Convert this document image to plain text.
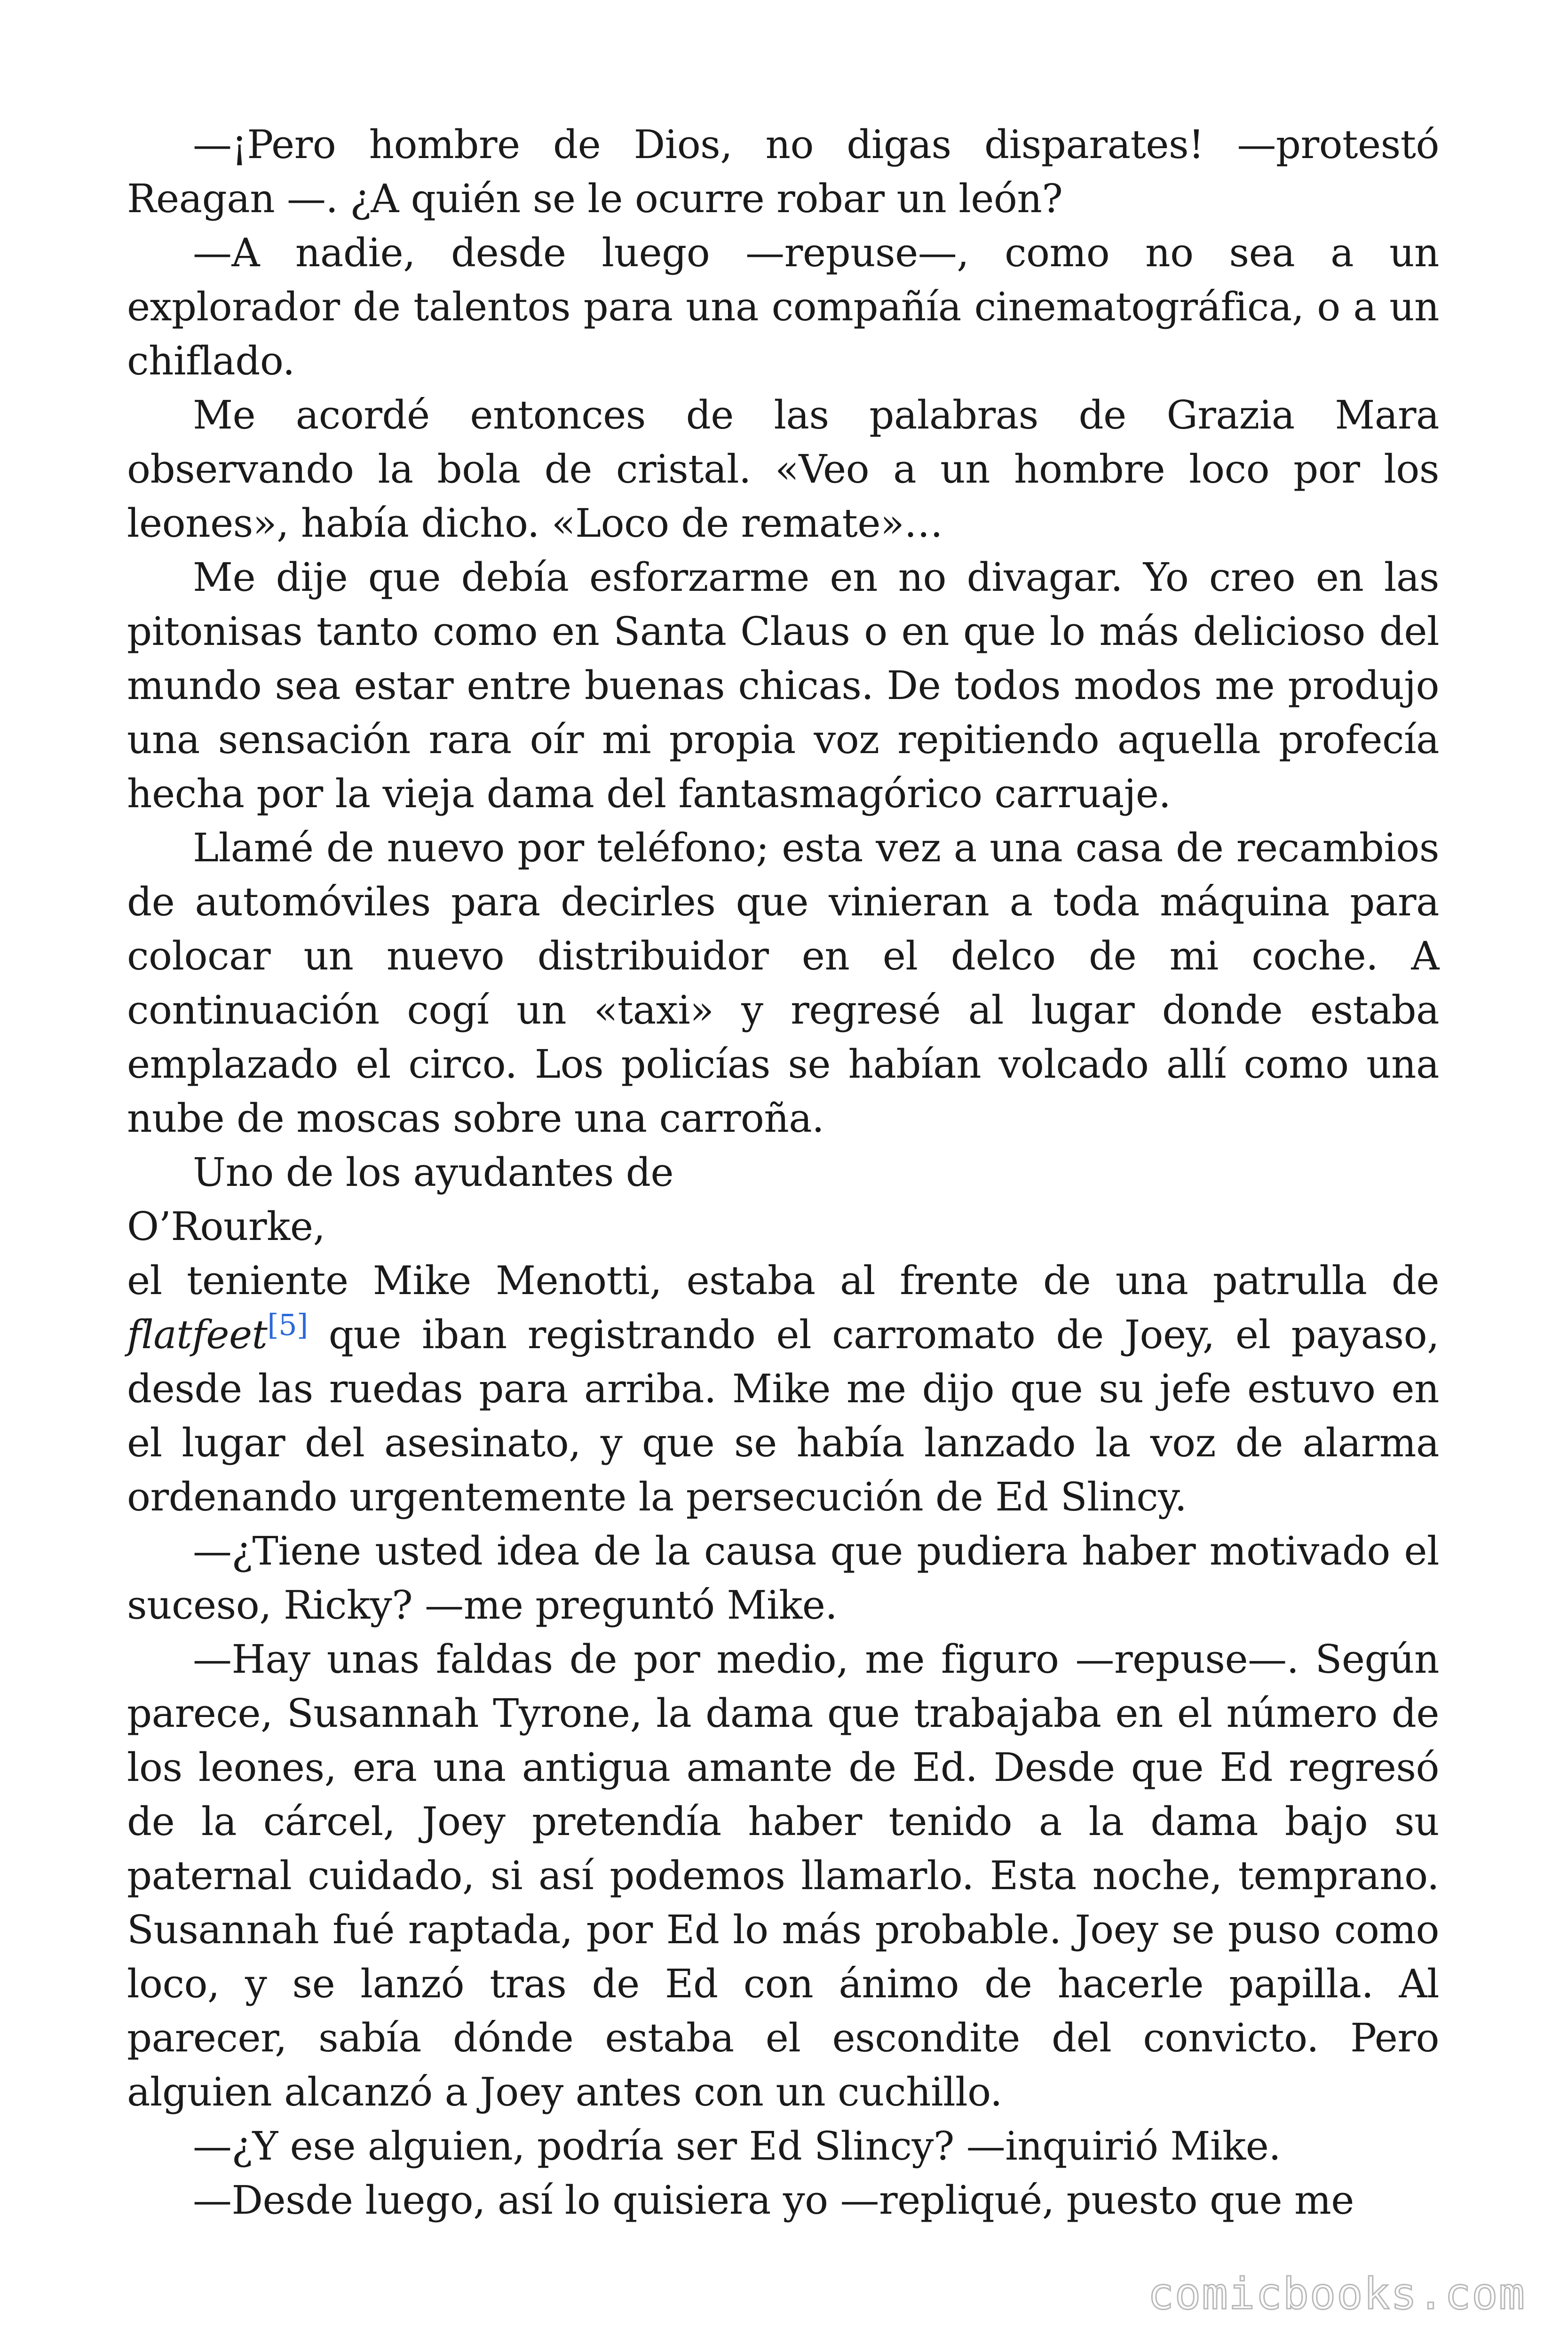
—¡Pero hombre de Dios, no digas disparates! —protestó Reagan —. ¿A quién se le ocurre robar un león?

—A nadie, desde luego —repuse—, como no sea a un explorador de talentos para una compañía cinematográfica, o a un chiflado.

Me acordé entonces de las palabras de Grazia Mara observando la bola de cristal. «Veo a un hombre loco por los leones», había dicho. «Loco de remate»…

Me dije que debía esforzarme en no divagar. Yo creo en las pitonisas tanto como en Santa Claus o en que lo más delicioso del mundo sea estar entre buenas chicas. De todos modos me produjo una sensación rara oír mi propia voz repitiendo aquella profecía hecha por la vieja dama del fantasmagórico carruaje.

Llamé de nuevo por teléfono; esta vez a una casa de recambios de automóviles para decirles que vinieran a toda máquina para colocar un nuevo distribuidor en el delco de mi coche. A continuación cogí un «taxi» y regresé al lugar donde estaba emplazado el circo. Los policías se habían volcado allí como una nube de moscas sobre una carroña.

Uno de los ayudantes de

O’Rourke,

el teniente Mike Menotti, estaba al frente de una patrulla de flatfeet[5] que iban registrando el carromato de Joey, el payaso, desde las ruedas para arriba. Mike me dijo que su jefe estuvo en el lugar del asesinato, y que se había lanzado la voz de alarma ordenando urgentemente la persecución de Ed Slincy.

—¿Tiene usted idea de la causa que pudiera haber motivado el suceso, Ricky? —me preguntó Mike.

—Hay unas faldas de por medio, me figuro —repuse—. Según parece, Susannah Tyrone, la dama que trabajaba en el número de los leones, era una antigua amante de Ed. Desde que Ed regresó de la cárcel, Joey pretendía haber tenido a la dama bajo su paternal cuidado, si así podemos llamarlo. Esta noche, temprano. Susannah fué raptada, por Ed lo más probable. Joey se puso como loco, y se lanzó tras de Ed con ánimo de hacerle papilla. Al parecer, sabía dónde estaba el escondite del convicto. Pero alguien alcanzó a Joey antes con un cuchillo.

—¿Y ese alguien, podría ser Ed Slincy? —inquirió Mike.

—Desde luego, así lo quisiera yo —repliqué, puesto que me

comicbooks.com
